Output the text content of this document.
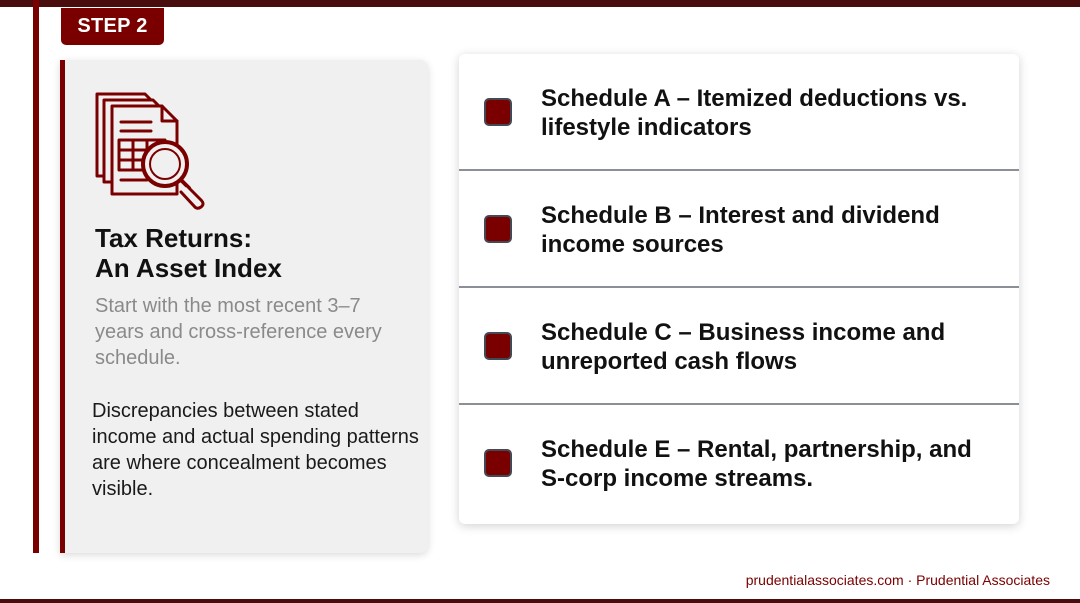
STEP 2
Tax Returns:
An Asset Index

Start with the most recent 3–7 years and cross-reference every schedule.

Discrepancies between stated income and actual spending patterns are where concealment becomes visible.

Schedule A – Itemized deductions vs. lifestyle indicators
Schedule B – Interest and dividend income sources
Schedule C – Business income and unreported cash flows
Schedule E – Rental, partnership, and S-corp income streams.
prudentialassociates.com · Prudential Associates
